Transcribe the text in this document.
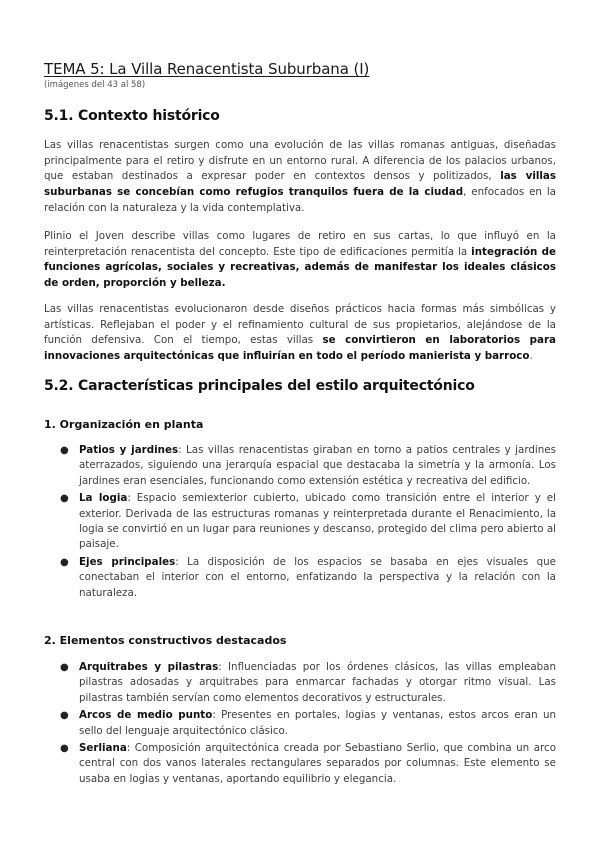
TEMA 5: La Villa Renacentista Suburbana (I)
(imágenes del 43 al 58)
5.1. Contexto histórico

Las villas renacentistas surgen como una evolución de las villas romanas antiguas, diseñadas principalmente para el retiro y disfrute en un entorno rural. A diferencia de los palacios urbanos, que estaban destinados a expresar poder en contextos densos y politizados, las villas suburbanas se concebían como refugios tranquilos fuera de la ciudad, enfocados en la relación con la naturaleza y la vida contemplativa.

Plinio el Joven describe villas como lugares de retiro en sus cartas, lo que influyó en la reinterpretación renacentista del concepto. Este tipo de edificaciones permitía la integración de funciones agrícolas, sociales y recreativas, además de manifestar los ideales clásicos de orden, proporción y belleza.

Las villas renacentistas evolucionaron desde diseños prácticos hacia formas más simbólicas y artísticas. Reflejaban el poder y el refinamiento cultural de sus propietarios, alejándose de la función defensiva. Con el tiempo, estas villas se convirtieron en laboratorios para innovaciones arquitectónicas que influirían en todo el período manierista y barroco.

5.2. Características principales del estilo arquitectónico
1. Organización en planta
● Patios y jardines: Las villas renacentistas giraban en torno a patios centrales y jardines aterrazados, siguiendo una jerarquía espacial que destacaba la simetría y la armonía. Los jardines eran esenciales, funcionando como extensión estética y recreativa del edificio.
● La logia: Espacio semiexterior cubierto, ubicado como transición entre el interior y el exterior. Derivada de las estructuras romanas y reinterpretada durante el Renacimiento, la logia se convirtió en un lugar para reuniones y descanso, protegido del clima pero abierto al paisaje.
● Ejes principales: La disposición de los espacios se basaba en ejes visuales que conectaban el interior con el entorno, enfatizando la perspectiva y la relación con la naturaleza.
2. Elementos constructivos destacados
● Arquitrabes y pilastras: Influenciadas por los órdenes clásicos, las villas empleaban pilastras adosadas y arquitrabes para enmarcar fachadas y otorgar ritmo visual. Las pilastras también servían como elementos decorativos y estructurales.
● Arcos de medio punto: Presentes en portales, logias y ventanas, estos arcos eran un sello del lenguaje arquitectónico clásico.
● Serliana: Composición arquitectónica creada por Sebastiano Serlio, que combina un arco central con dos vanos laterales rectangulares separados por columnas. Este elemento se usaba en logias y ventanas, aportando equilibrio y elegancia.
